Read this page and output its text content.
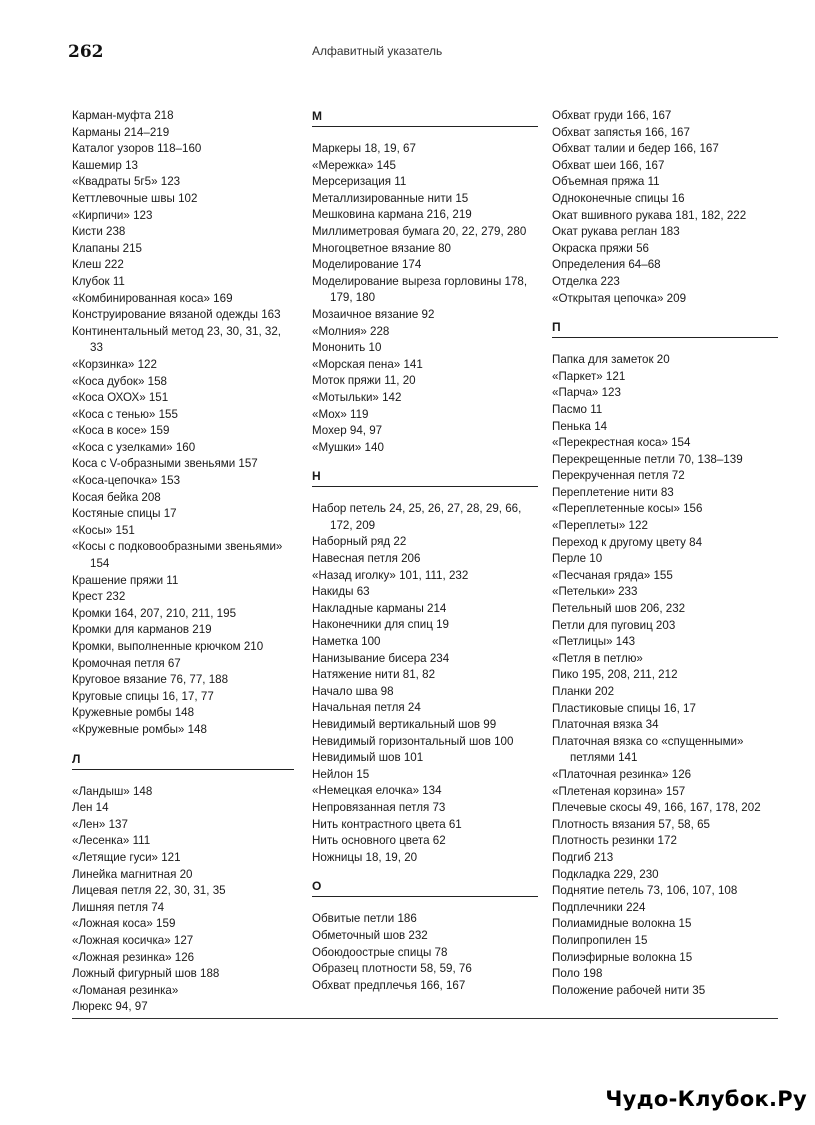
262	Алфавитный указатель
Карман-муфта 218
Карманы 214–219
Каталог узоров 118–160
Кашемир 13
«Квадраты 5г5» 123
Кеттлевочные швы 102
«Кирпичи» 123
Кисти 238
Клапаны 215
Клеш 222
Клубок 11
«Комбинированная коса» 169
Конструирование вязаной одежды 163
Континентальный метод 23, 30, 31, 32, 33
«Корзинка» 122
«Коса дубок» 158
«Коса ОХОХ» 151
«Коса с тенью» 155
«Коса в косе» 159
«Коса с узелками» 160
Коса с V-образными звеньями 157
«Коса-цепочка» 153
Косая бейка 208
Костяные спицы 17
«Косы» 151
«Косы с подковообразными звеньями» 154
Крашение пряжи 11
Крест 232
Кромки 164, 207, 210, 211, 195
Кромки для карманов 219
Кромки, выполненные крючком 210
Кромочная петля 67
Круговое вязание 76, 77, 188
Круговые спицы 16, 17, 77
Кружевные ромбы 148
«Кружевные ромбы» 148
Л
«Ландыш» 148
Лен 14
«Лен» 137
«Лесенка» 111
«Летящие гуси» 121
Линейка магнитная 20
Лицевая петля 22, 30, 31, 35
Лишняя петля 74
«Ложная коса» 159
«Ложная косичка» 127
«Ложная резинка» 126
Ложный фигурный шов 188
«Ломаная резинка»
Люрекс 94, 97
М
Маркеры 18, 19, 67
«Мережка» 145
Мерсеризация 11
Металлизированные нити 15
Мешковина кармана 216, 219
Миллиметровая бумага 20, 22, 279, 280
Многоцветное вязание 80
Моделирование 174
Моделирование выреза горловины 178, 179, 180
Мозаичное вязание 92
«Молния» 228
Мононить 10
«Морская пена» 141
Моток пряжи 11, 20
«Мотыльки» 142
«Мох» 119
Мохер 94, 97
«Мушки» 140
Н
Набор петель 24, 25, 26, 27, 28, 29, 66, 172, 209
Наборный ряд 22
Навесная петля 206
«Назад иголку» 101, 111, 232
Накиды 63
Накладные карманы 214
Наконечники для спиц 19
Наметка 100
Нанизывание бисера 234
Натяжение нити 81, 82
Начало шва 98
Начальная петля 24
Невидимый вертикальный шов 99
Невидимый горизонтальный шов 100
Невидимый шов 101
Нейлон 15
«Немецкая елочка» 134
Непровязанная петля 73
Нить контрастного цвета 61
Нить основного цвета 62
Ножницы 18, 19, 20
О
Обвитые петли 186
Обметочный шов 232
Обоюдоострые спицы 78
Образец плотности 58, 59, 76
Обхват предплечья 166, 167
Обхват груди 166, 167
Обхват запястья 166, 167
Обхват талии и бедер 166, 167
Обхват шеи 166, 167
Объемная пряжа 11
Одноконечные спицы 16
Окат вшивного рукава 181, 182, 222
Окат рукава реглан 183
Окраска пряжи 56
Определения 64–68
Отделка 223
«Открытая цепочка» 209
П
Папка для заметок 20
«Паркет» 121
«Парча» 123
Пасмо 11
Пенька 14
«Перекрестная коса» 154
Перекрещенные петли 70, 138–139
Перекрученная петля 72
Переплетение нити 83
«Переплетенные косы» 156
«Переплеты» 122
Переход к другому цвету 84
Перле 10
«Песчаная гряда» 155
«Петельки» 233
Петельный шов 206, 232
Петли для пуговиц 203
«Петлицы» 143
«Петля в петлю»
Пико 195, 208, 211, 212
Планки 202
Пластиковые спицы 16, 17
Платочная вязка 34
Платочная вязка со «спущенными» петлями 141
«Платочная резинка» 126
«Плетеная корзина» 157
Плечевые скосы 49, 166, 167, 178, 202
Плотность вязания 57, 58, 65
Плотность резинки 172
Подгиб 213
Подкладка 229, 230
Поднятие петель 73, 106, 107, 108
Подплечники 224
Полиамидные волокна 15
Полипропилен 15
Полиэфирные волокна 15
Поло 198
Положение рабочей нити 35
Чудо-Клубок.Ру
